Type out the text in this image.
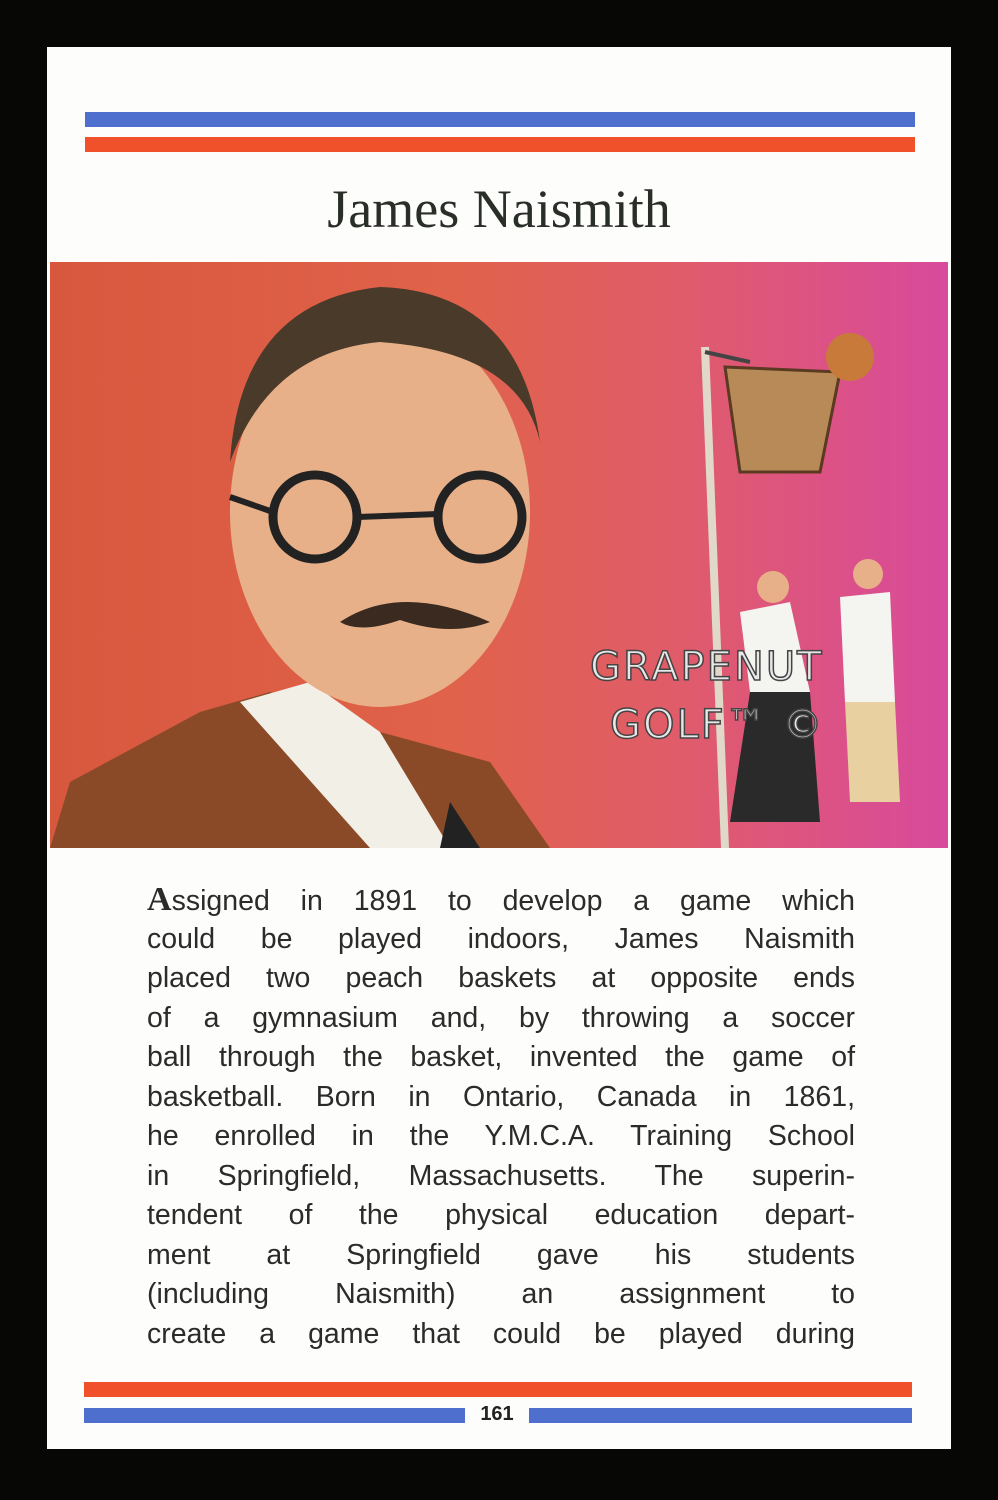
James Naismith
GRAPENUT
GOLF™ ©
Assigned in 1891 to develop a game which
could be played indoors, James Naismith
placed two peach baskets at opposite ends
of a gymnasium and, by throwing a soccer
ball through the basket, invented the game of
basketball. Born in Ontario, Canada in 1861,
he enrolled in the Y.M.C.A. Training School
in Springfield, Massachusetts. The superin-
tendent of the physical education depart-
ment at Springfield gave his students
(including Naismith) an assignment to
create a game that could be played during
161
